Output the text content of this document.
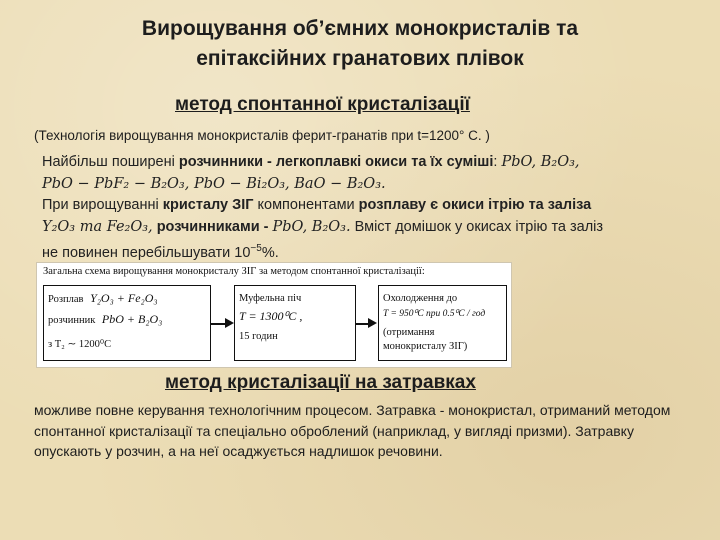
Вирощування об’ємних монокристалів та
епітаксійних гранатових плівок
метод спонтанної кристалізації
(Технологія вирощування монокристалів ферит-гранатів при t=1200° С. )
Найбільш поширені розчинники - легкоплавкі окиси та їх суміші: PbO, B₂O₃,
PbO − PbF₂ − B₂O₃, PbO − Bi₂O₃, BaO − B₂O₃.
При вирощуванні кристалу ЗІГ компонентами розплаву є окиси ітрію та заліза
Y₂O₃ та Fe₂O₃, розчинниками - PbO, B₂O₃. Вміст домішок у окисах ітрію та заліз
не повинен перебільшувати $10^{-5}\%$.
Загальна схема вирощування монокристалу ЗІГ за методом спонтанної кристалізації:
Розплав Y₂O₃ + Fe₂O₃
розчинник PbO + B₂O₃
з T₂ ∼ 1200⁰C
Муфельна піч
T = 1300⁰C ,
15 годин
Охолодження до
T = 950⁰C при 0.5⁰C / год
(отримання
монокристалу ЗІГ)
метод кристалізації на затравках
можливе повне керування технологічним процесом. Затравка - монокристал, отриманий методом спонтанної кристалізації та спеціально оброблений (наприклад, у вигляді призми). Затравку опускають у розчин, а на неї осаджується надлишок речовини.
